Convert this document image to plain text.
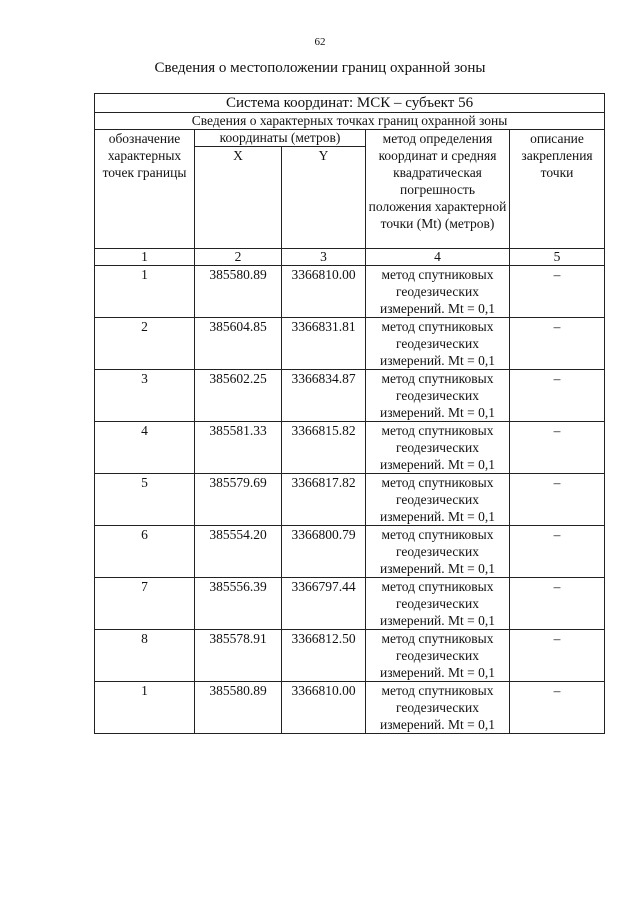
62
Сведения о местоположении границ охранной зоны
Система координат: МСК – субъект 56				
Сведения о характерных точках границ охранной зоны				
обозначение характерных точек границы	координаты (метров)		метод определения координат и средняя квадратическая погрешность положения характерной точки (Mt) (метров)	описание закрепления точки
	X	Y		
1	2	3	4	5
1	385580.89	3366810.00	метод спутниковых геодезических измерений. Mt = 0,1	–
2	385604.85	3366831.81	метод спутниковых геодезических измерений. Mt = 0,1	–
3	385602.25	3366834.87	метод спутниковых геодезических измерений. Mt = 0,1	–
4	385581.33	3366815.82	метод спутниковых геодезических измерений. Mt = 0,1	–
5	385579.69	3366817.82	метод спутниковых геодезических измерений. Mt = 0,1	–
6	385554.20	3366800.79	метод спутниковых геодезических измерений. Mt = 0,1	–
7	385556.39	3366797.44	метод спутниковых геодезических измерений. Mt = 0,1	–
8	385578.91	3366812.50	метод спутниковых геодезических измерений. Mt = 0,1	–
1	385580.89	3366810.00	метод спутниковых геодезических измерений. Mt = 0,1	–
